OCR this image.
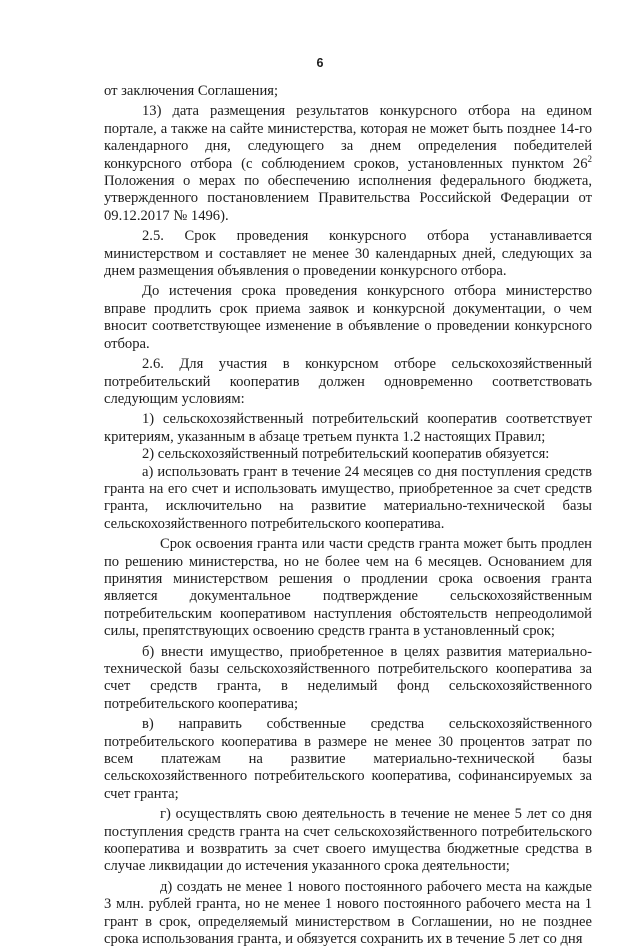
6

от заключения Соглашения;

13) дата размещения результатов конкурсного отбора на едином портале, а также на сайте министерства, которая не может быть позднее 14-го календарного дня, следующего за днем определения победителей конкурсного отбора (с соблюдением сроков, установленных пунктом $26^2$ Положения о мерах по обеспечению исполнения федерального бюджета, утвержденного постановлением Правительства Российской Федерации от 09.12.2017 № 1496).

2.5. Срок проведения конкурсного отбора устанавливается министерством и составляет не менее 30 календарных дней, следующих за днем размещения объявления о проведении конкурсного отбора.

До истечения срока проведения конкурсного отбора министерство вправе продлить срок приема заявок и конкурсной документации, о чем вносит соответствующее изменение в объявление о проведении конкурсного отбора.

2.6. Для участия в конкурсном отборе сельскохозяйственный потребительский кооператив должен одновременно соответствовать следующим условиям:

1) сельскохозяйственный потребительский кооператив соответствует критериям, указанным в абзаце третьем пункта 1.2 настоящих Правил;

2) сельскохозяйственный потребительский кооператив обязуется:

а) использовать грант в течение 24 месяцев со дня поступления средств гранта на его счет и использовать имущество, приобретенное за счет средств гранта, исключительно на развитие материально-технической базы сельскохозяйственного потребительского кооператива.

Срок освоения гранта или части средств гранта может быть продлен по решению министерства, но не более чем на 6 месяцев. Основанием для принятия министерством решения о продлении срока освоения гранта является документальное подтверждение сельскохозяйственным потребительским кооперативом наступления обстоятельств непреодолимой силы, препятствующих освоению средств гранта в установленный срок;

б) внести имущество, приобретенное в целях развития материально-технической базы сельскохозяйственного потребительского кооператива за счет средств гранта, в неделимый фонд сельскохозяйственного потребительского кооператива;

в) направить собственные средства сельскохозяйственного потребительского кооператива в размере не менее 30 процентов затрат по всем платежам на развитие материально-технической базы сельскохозяйственного потребительского кооператива, софинансируемых за счет гранта;

г) осуществлять свою деятельность в течение не менее 5 лет со дня поступления средств гранта на счет сельскохозяйственного потребительского кооператива и возвратить за счет своего имущества бюджетные средства в случае ликвидации до истечения указанного срока деятельности;

д) создать не менее 1 нового постоянного рабочего места на каждые 3 млн. рублей гранта, но не менее 1 нового постоянного рабочего места на 1 грант в срок, определяемый министерством в Соглашении, но не позднее срока использования гранта, и обязуется сохранить их в течение 5 лет со дня
